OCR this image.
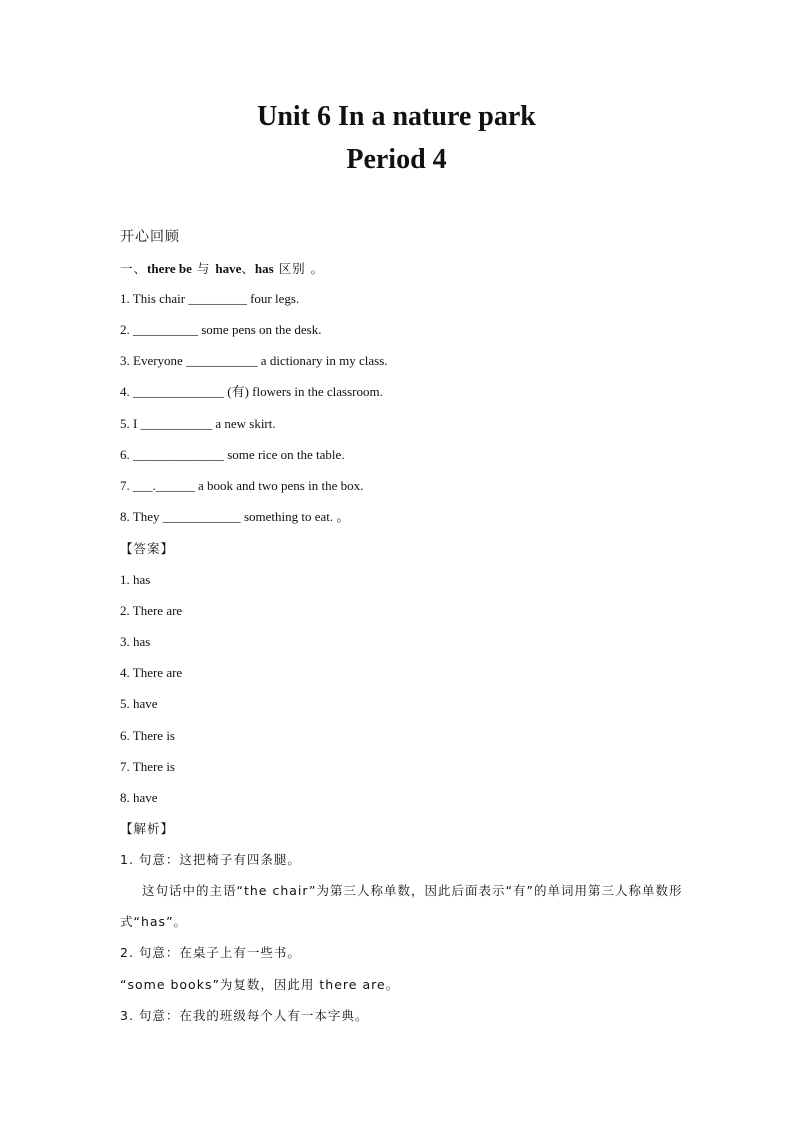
Unit 6 In a nature park
Period 4
开心回顾
一、there be 与 have、has 区别 。
1. This chair _________ four legs.
2. __________ some pens on the desk.
3. Everyone ___________ a dictionary in my class.
4. ______________ (有) flowers in the classroom.
5. I ___________ a new skirt.
6. ______________ some rice on the table.
7. ___.______ a book and two pens in the box.
8. They ____________ something to eat. 。
【答案】
1. has
2. There are
3. has
4. There are
5. have
6. There is
7. There is
8. have
【解析】
1. 句意：这把椅子有四条腿。
这句话中的主语“the chair”为第三人称单数，因此后面表示“有”的单词用第三人称单数形
式“has”。
2. 句意：在桌子上有一些书。
“some books”为复数，因此用 there are。
3. 句意：在我的班级每个人有一本字典。
